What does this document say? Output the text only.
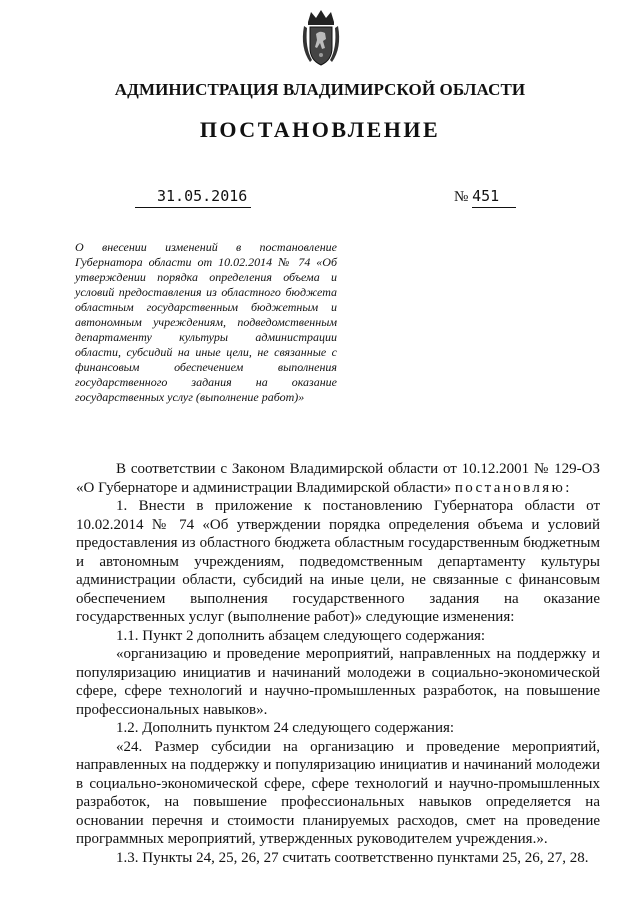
АДМИНИСТРАЦИЯ ВЛАДИМИРСКОЙ ОБЛАСТИ
ПОСТАНОВЛЕНИЕ
31.05.2016	№ 451
О внесении изменений в постановление Губернатора области от 10.02.2014 № 74 «Об утверждении порядка определения объема и условий предоставления из областного бюджета областным государственным бюджетным и автономным учреждениям, подведомственным департаменту культуры администрации области, субсидий на иные цели, не связанные с финансовым обеспечением выполнения государственного задания на оказание государственных услуг (выполнение работ)»

В соответствии с Законом Владимирской области от 10.12.2001 № 129-ОЗ «О Губернаторе и администрации Владимирской области» постановляю:

1. Внести в приложение к постановлению Губернатора области от 10.02.2014 № 74 «Об утверждении порядка определения объема и условий предоставления из областного бюджета областным государственным бюджетным и автономным учреждениям, подведомственным департаменту культуры администрации области, субсидий на иные цели, не связанные с финансовым обеспечением выполнения государственного задания на оказание государственных услуг (выполнение работ)» следующие изменения:

1.1. Пункт 2 дополнить абзацем следующего содержания:

«организацию и проведение мероприятий, направленных на поддержку и популяризацию инициатив и начинаний молодежи в социально-экономической сфере, сфере технологий и научно-промышленных разработок, на повышение профессиональных навыков».

1.2. Дополнить пунктом 24 следующего содержания:

«24. Размер субсидии на организацию и проведение мероприятий, направленных на поддержку и популяризацию инициатив и начинаний молодежи в социально-экономической сфере, сфере технологий и научно-промышленных разработок, на повышение профессиональных навыков определяется на основании перечня и стоимости планируемых расходов, смет на проведение программных мероприятий, утвержденных руководителем учреждения.».

1.3. Пункты 24, 25, 26, 27 считать соответственно пунктами 25, 26, 27, 28.
